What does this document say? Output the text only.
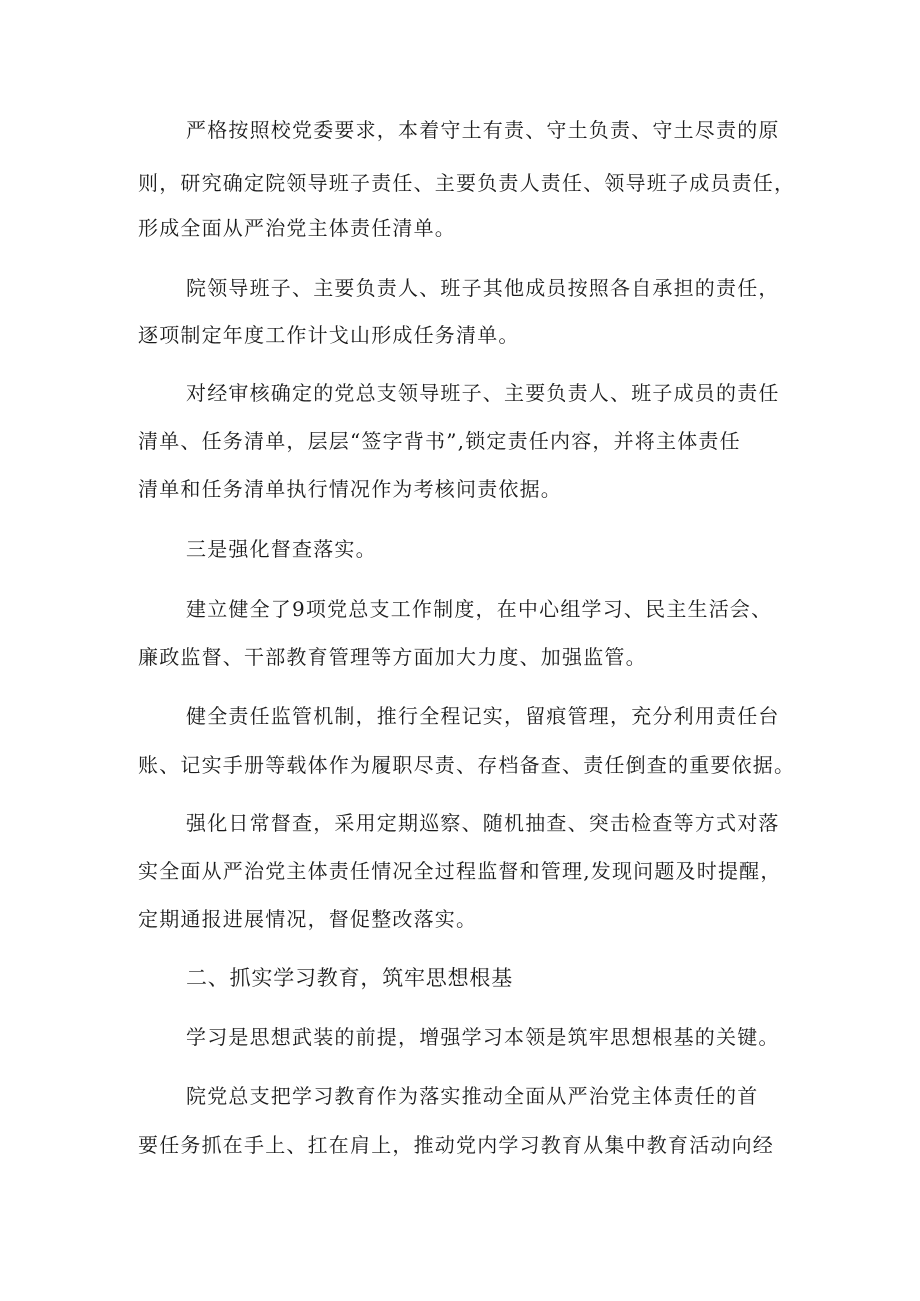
严格按照校党委要求，本着守土有责、守土负责、守土尽责的原
则，研究确定院领导班子责任、主要负责人责任、领导班子成员责任，
形成全面从严治党主体责任清单。
院领导班子、主要负责人、班子其他成员按照各自承担的责任，
逐项制定年度工作计戈山形成任务清单。
对经审核确定的党总支领导班子、主要负责人、班子成员的责任
清单、任务清单，层层“签字背书”,锁定责任内容，并将主体责任
清单和任务清单执行情况作为考核问责依据。
三是强化督查落实。
建立健全了9项党总支工作制度，在中心组学习、民主生活会、
廉政监督、干部教育管理等方面加大力度、加强监管。
健全责任监管机制，推行全程记实，留痕管理，充分利用责任台
账、记实手册等载体作为履职尽责、存档备查、责任倒查的重要依据。
强化日常督查，采用定期巡察、随机抽查、突击检查等方式对落
实全面从严治党主体责任情况全过程监督和管理,发现问题及时提醒，
定期通报进展情况，督促整改落实。
二、抓实学习教育，筑牢思想根基
学习是思想武装的前提，增强学习本领是筑牢思想根基的关键。
院党总支把学习教育作为落实推动全面从严治党主体责任的首
要任务抓在手上、扛在肩上，推动党内学习教育从集中教育活动向经
